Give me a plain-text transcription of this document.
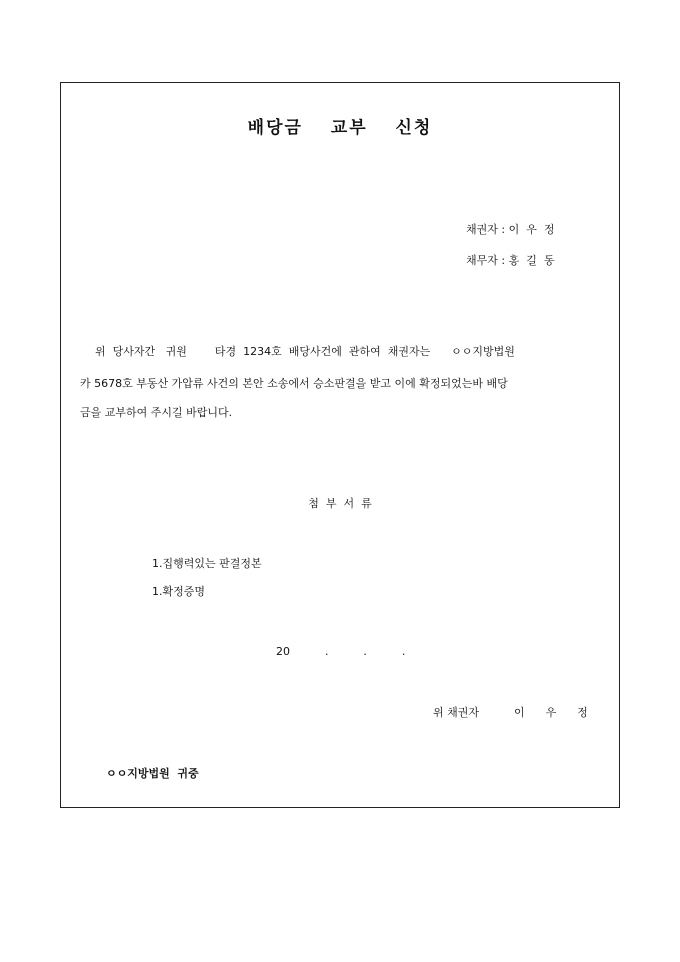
배당금  교부  신청
채권자 : 이  우  정
채무자 : 홍  길  동
위  당사자간   귀원        타경  1234호  배당사건에  관하여  채권자는      ㅇㅇ지방법원
카 5678호 부동산 가압류 사건의 본안 소송에서 승소판결을 받고 이에 확정되었는바 배당
금을 교부하여 주시길 바랍니다.
첨  부  서  류
1.집행력있는 판결정본
1.확정증명
20          .          .          .
위 채권자          이      우      정
ㅇㅇ지방법원  귀중
